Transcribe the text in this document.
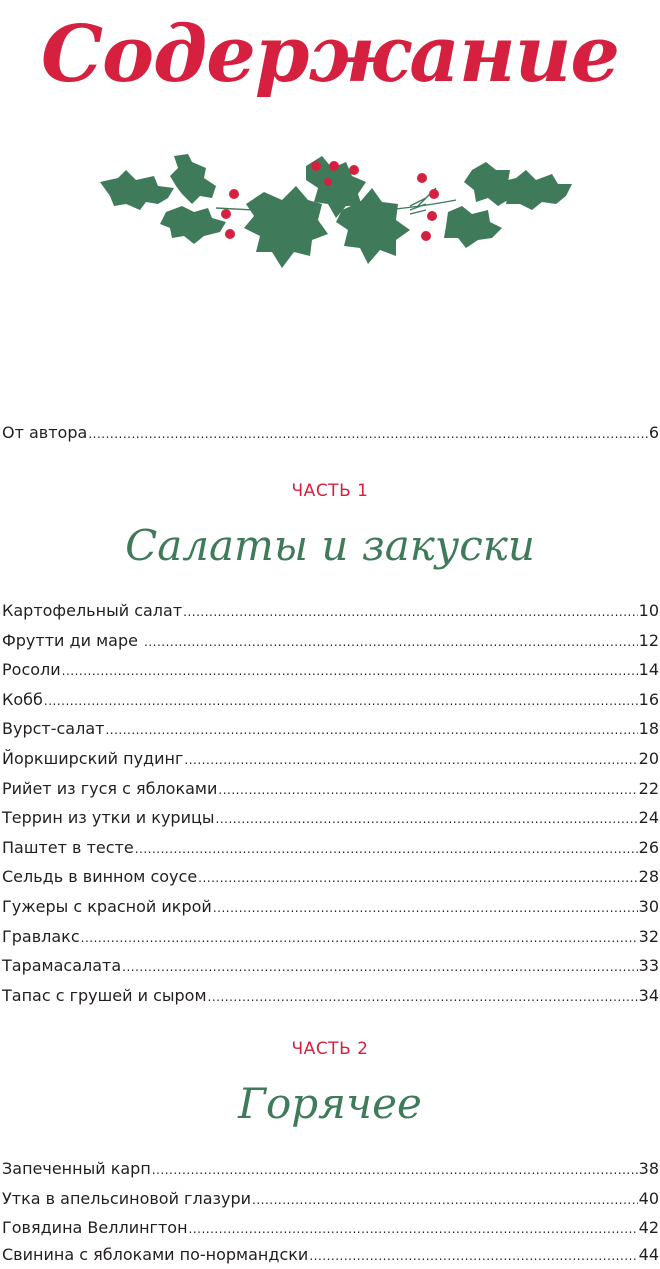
Содержание
От автора .....	6
ЧАСТЬ 1
Салаты и закуски
Картофельный салат .....	10
Фрутти ди маре .....	12
Росоли .....	14
Кобб .....	16
Вурст-салат .....	18
Йоркширский пудинг .....	20
Рийет из гуся с яблоками .....	22
Террин из утки и курицы .....	24
Паштет в тесте .....	26
Сельдь в винном соусе .....	28
Гужеры с красной икрой .....	30
Гравлакс .....	32
Тарамасалата .....	33
Тапас с грушей и сыром .....	34
ЧАСТЬ 2
Горячее
Запеченный карп .....	38
Утка в апельсиновой глазури .....	40
Говядина Веллингтон .....	42
Свинина с яблоками по-нормандски .....	44
